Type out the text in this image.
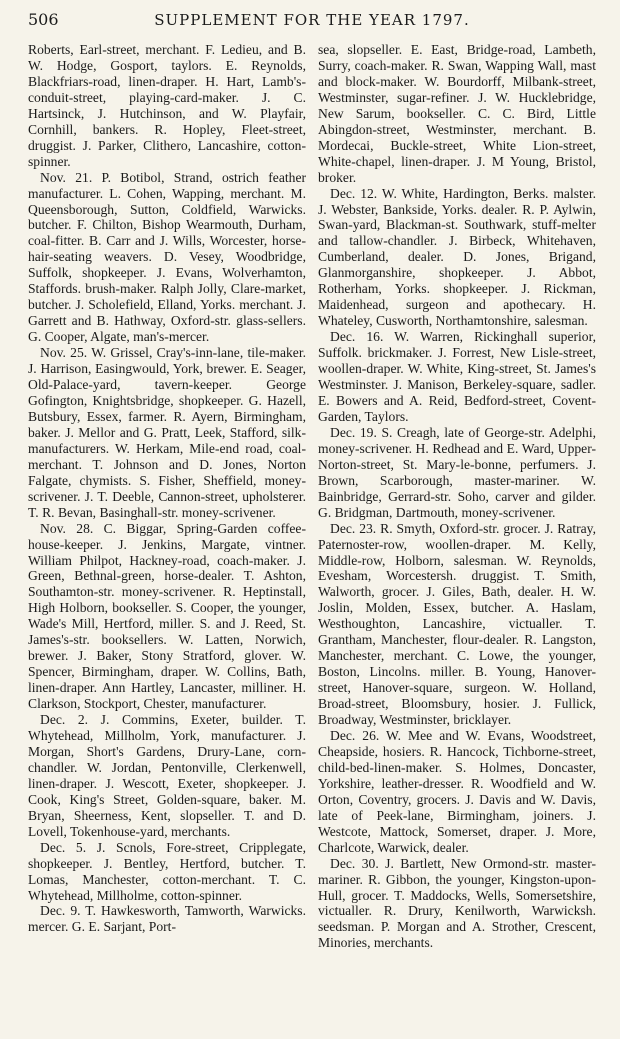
506	SUPPLEMENT FOR THE YEAR 1797.

Roberts, Earl-street, merchant. F. Ledieu, and B. W. Hodge, Gosport, taylors. E. Reynolds, Blackfriars-road, linen-draper. H. Hart, Lamb's-conduit-street, playing-card-maker. J. C. Hartsinck, J. Hutchinson, and W. Playfair, Cornhill, bankers. R. Hopley, Fleet-street, druggist. J. Parker, Clithero, Lancashire, cotton-spinner.

Nov. 21. P. Botibol, Strand, ostrich feather manufacturer. L. Cohen, Wapping, merchant. M. Queensborough, Sutton, Coldfield, Warwicks. butcher. F. Chilton, Bishop Wearmouth, Durham, coal-fitter. B. Carr and J. Wills, Worcester, horse-hair-seating weavers. D. Vesey, Woodbridge, Suffolk, shopkeeper. J. Evans, Wolverhamton, Staffords. brush-maker. Ralph Jolly, Clare-market, butcher. J. Scholefield, Elland, Yorks. merchant. J. Garrett and B. Hathway, Oxford-str. glass-sellers. G. Cooper, Algate, man's-mercer.

Nov. 25. W. Grissel, Cray's-inn-lane, tile-maker. J. Harrison, Easingwould, York, brewer. E. Seager, Old-Palace-yard, tavern-keeper. George Gofington, Knightsbridge, shopkeeper. G. Hazell, Butsbury, Essex, farmer. R. Ayern, Birmingham, baker. J. Mellor and G. Pratt, Leek, Stafford, silk-manufacturers. W. Herkam, Mile-end road, coal-merchant. T. Johnson and D. Jones, Norton Falgate, chymists. S. Fisher, Sheffield, money-scrivener. J. T. Deeble, Cannon-street, upholsterer. T. R. Bevan, Basinghall-str. money-scrivener.

Nov. 28. C. Biggar, Spring-Garden coffee-house-keeper. J. Jenkins, Margate, vintner. William Philpot, Hackney-road, coach-maker. J. Green, Bethnal-green, horse-dealer. T. Ashton, Southamton-str. money-scrivener. R. Heptinstall, High Holborn, bookseller. S. Cooper, the younger, Wade's Mill, Hertford, miller. S. and J. Reed, St. James's-str. booksellers. W. Latten, Norwich, brewer. J. Baker, Stony Stratford, glover. W. Spencer, Birmingham, draper. W. Collins, Bath, linen-draper. Ann Hartley, Lancaster, milliner. H. Clarkson, Stockport, Chester, manufacturer.

Dec. 2. J. Commins, Exeter, builder. T. Whytehead, Millholm, York, manufacturer. J. Morgan, Short's Gardens, Drury-Lane, corn-chandler. W. Jordan, Pentonville, Clerkenwell, linen-draper. J. Wescott, Exeter, shopkeeper. J. Cook, King's Street, Golden-square, baker. M. Bryan, Sheerness, Kent, slopseller. T. and D. Lovell, Tokenhouse-yard, merchants.

Dec. 5. J. Scnols, Fore-street, Cripplegate, shopkeeper. J. Bentley, Hertford, butcher. T. Lomas, Manchester, cotton-merchant. T. C. Whytehead, Millholme, cotton-spinner.

Dec. 9. T. Hawkesworth, Tamworth, Warwicks. mercer. G. E. Sarjant, Port-

sea, slopseller. E. East, Bridge-road, Lambeth, Surry, coach-maker. R. Swan, Wapping Wall, mast and block-maker. W. Bourdorff, Milbank-street, Westminster, sugar-refiner. J. W. Hucklebridge, New Sarum, bookseller. C. C. Bird, Little Abingdon-street, Westminster, merchant. B. Mordecai, Buckle-street, White Lion-street, White-chapel, linen-draper. J. M Young, Bristol, broker.

Dec. 12. W. White, Hardington, Berks. malster. J. Webster, Bankside, Yorks. dealer. R. P. Aylwin, Swan-yard, Blackman-st. Southwark, stuff-melter and tallow-chandler. J. Birbeck, Whitehaven, Cumberland, dealer. D. Jones, Brigand, Glanmorganshire, shopkeeper. J. Abbot, Rotherham, Yorks. shopkeeper. J. Rickman, Maidenhead, surgeon and apothecary. H. Whateley, Cusworth, Northamtonshire, salesman.

Dec. 16. W. Warren, Rickinghall superior, Suffolk. brickmaker. J. Forrest, New Lisle-street, woollen-draper. W. White, King-street, St. James's Westminster. J. Manison, Berkeley-square, sadler. E. Bowers and A. Reid, Bedford-street, Covent-Garden, Taylors.

Dec. 19. S. Creagh, late of George-str. Adelphi, money-scrivener. H. Redhead and E. Ward, Upper-Norton-street, St. Mary-le-bonne, perfumers. J. Brown, Scarborough, master-mariner. W. Bainbridge, Gerrard-str. Soho, carver and gilder. G. Bridgman, Dartmouth, money-scrivener.

Dec. 23. R. Smyth, Oxford-str. grocer. J. Ratray, Paternoster-row, woollen-draper. M. Kelly, Middle-row, Holborn, salesman. W. Reynolds, Evesham, Worcestersh. druggist. T. Smith, Walworth, grocer. J. Giles, Bath, dealer. H. W. Joslin, Molden, Essex, butcher. A. Haslam, Westhoughton, Lancashire, victualler. T. Grantham, Manchester, flour-dealer. R. Langston, Manchester, merchant. C. Lowe, the younger, Boston, Lincolns. miller. B. Young, Hanover-street, Hanover-square, surgeon. W. Holland, Broad-street, Bloomsbury, hosier. J. Fullick, Broadway, Westminster, bricklayer.

Dec. 26. W. Mee and W. Evans, Woodstreet, Cheapside, hosiers. R. Hancock, Tichborne-street, child-bed-linen-maker. S. Holmes, Doncaster, Yorkshire, leather-dresser. R. Woodfield and W. Orton, Coventry, grocers. J. Davis and W. Davis, late of Peek-lane, Birmingham, joiners. J. Westcote, Mattock, Somerset, draper. J. More, Charlcote, Warwick, dealer.

Dec. 30. J. Bartlett, New Ormond-str. master-mariner. R. Gibbon, the younger, Kingston-upon-Hull, grocer. T. Maddocks, Wells, Somersetshire, victualler. R. Drury, Kenilworth, Warwicksh. seedsman. P. Morgan and A. Strother, Crescent, Minories, merchants.
